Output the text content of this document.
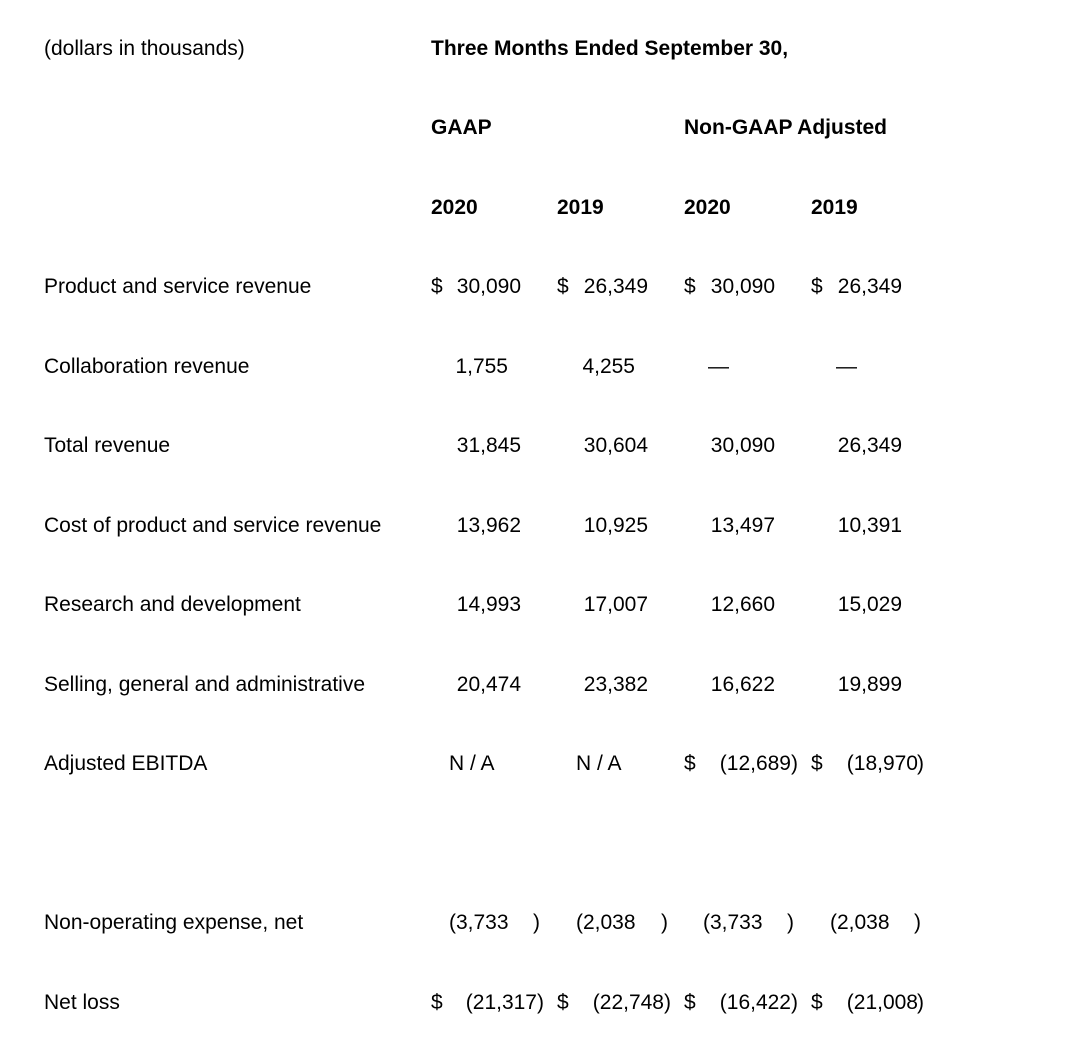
(dollars in thousands)	Three Months Ended September 30,
GAAP	Non-GAAP Adjusted
2020	2019	2020	2019
Product and service revenue	$ 30,090 $ 26,349 $ 30,090 $ 26,349
Collaboration revenue	1,755	4,255	—	—
Total revenue	31,845	30,604	30,090	26,349
Cost of product and service revenue	13,962	10,925	13,497	10,391
Research and development	14,993	17,007	12,660	15,029
Selling, general and administrative	20,474	23,382	16,622	19,899
Adjusted EBITDA	N / A	N / A	$ (12,689 ) $ (18,970 )
Non-operating expense, net	(3,733 ) (2,038 ) (3,733 ) (2,038 )
Net loss	$ (21,317 ) $ (22,748 ) $ (16,422 ) $ (21,008 )
